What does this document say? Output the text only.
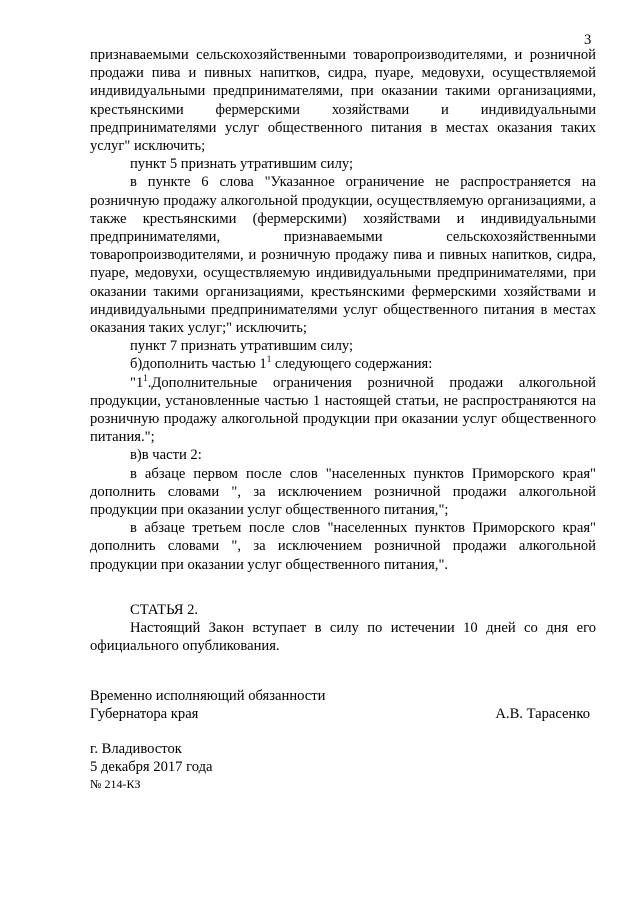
3

признаваемыми сельскохозяйственными товаропроизводителями, и розничной продажи пива и пивных напитков, сидра, пуаре, медовухи, осуществляемой индивидуальными предпринимателями, при оказании такими организациями, крестьянскими фермерскими хозяйствами и индивидуальными предпринимателями услуг общественного питания в местах оказания таких услуг" исключить;

пункт 5 признать утратившим силу;

в пункте 6 слова "Указанное ограничение не распространяется на розничную продажу алкогольной продукции, осуществляемую организациями, а также крестьянскими (фермерскими) хозяйствами и индивидуальными предпринимателями, признаваемыми сельскохозяйственными товаропроизводителями, и розничную продажу пива и пивных напитков, сидра, пуаре, медовухи, осуществляемую индивидуальными предпринимателями, при оказании такими организациями, крестьянскими фермерскими хозяйствами и индивидуальными предпринимателями услуг общественного питания в местах оказания таких услуг;" исключить;

пункт 7 признать утратившим силу;

б)дополнить частью $1^1$ следующего содержания:

"$1^1.Дополнительные$ ограничения розничной продажи алкогольной продукции, установленные частью 1 настоящей статьи, не распространяются на розничную продажу алкогольной продукции при оказании услуг общественного питания.";

в)в части 2:

в абзаце первом после слов "населенных пунктов Приморского края" дополнить словами ", за исключением розничной продажи алкогольной продукции при оказании услуг общественного питания,";

в абзаце третьем после слов "населенных пунктов Приморского края" дополнить словами ", за исключением розничной продажи алкогольной продукции при оказании услуг общественного питания,".

СТАТЬЯ 2.

Настоящий Закон вступает в силу по истечении 10 дней со дня его официального опубликования.

Временно исполняющий обязанности
Губернатора края	А.В. Тарасенко
г. Владивосток
5 декабря 2017 года
№ 214-КЗ
